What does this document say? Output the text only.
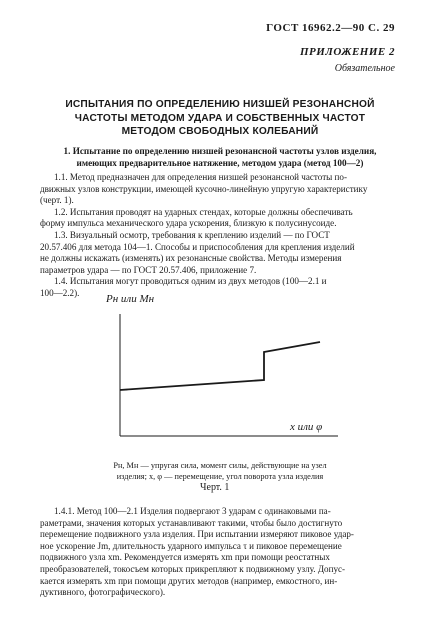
ГОСТ 16962.2—90 С. 29
ПРИЛОЖЕНИЕ 2
Обязательное
ИСПЫТАНИЯ ПО ОПРЕДЕЛЕНИЮ НИЗШЕЙ РЕЗОНАНСНОЙ
ЧАСТОТЫ МЕТОДОМ УДАРА И СОБСТВЕННЫХ ЧАСТОТ
МЕТОДОМ СВОБОДНЫХ КОЛЕБАНИЙ
1. Испытание по определению низшей резонансной частоты узлов изделия,
имеющих предварительное натяжение, методом удара (метод 100—2)
1.1. Метод предназначен для определения низшей резонансной частоты по-
движных узлов конструкции, имеющей кусочно-линейную упругую характеристику
(черт. 1).
1.2. Испытания проводят на ударных стендах, которые должны обеспечивать
форму импульса механического удара ускорения, близкую к полусинусоиде.
1.3. Визуальный осмотр, требования к креплению изделий — по ГОСТ
20.57.406 для метода 104—1. Способы и приспособления для крепления изделий
не должны искажать (изменять) их резонансные свойства. Методы измерения
параметров удара — по ГОСТ 20.57.406, приложение 7.
1.4. Испытания могут проводиться одним из двух методов (100—2.1 и
100—2.2).
Pн или Мн
х или φ
Pн, Мн — упругая сила, момент силы, действующие на узел
изделия; х, φ — перемещение, угол поворота узла изделия
Черт. 1
1.4.1. Метод 100—2.1 Изделия подвергают 3 ударам с одинаковыми па-
раметрами, значения которых устанавливают такими, чтобы было достигнуто
перемещение подвижного узла изделия. При испытании измеряют пиковое удар-
ное ускорение Jm, длительность ударного импульса τ и пиковое перемещение
подвижного узла xm. Рекомендуется измерять xm при помощи реостатных
преобразователей, токосъем которых прикрепляют к подвижному узлу. Допус-
кается измерять xm при помощи других методов (например, емкостного, ин-
дуктивного, фотографического).
